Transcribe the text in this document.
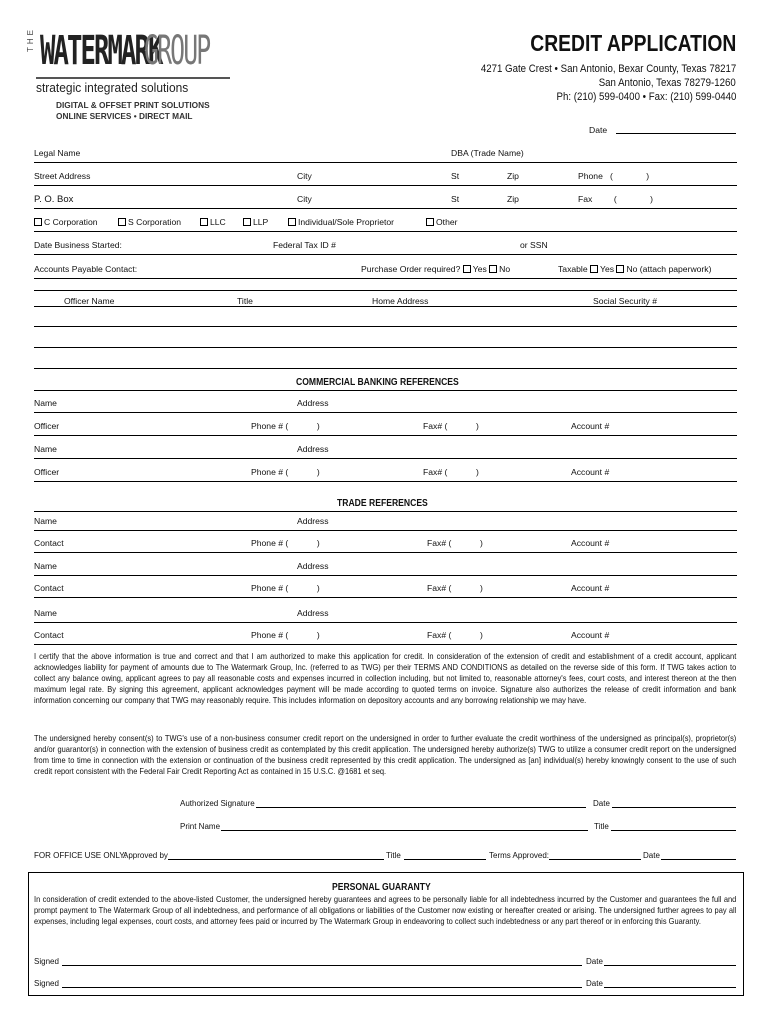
THE WATERMARK
GROUP
strategic integrated solutions
DIGITAL & OFFSET PRINT SOLUTIONS
ONLINE SERVICES • DIRECT MAIL
CREDIT APPLICATION
4271 Gate Crest • San Antonio, Bexar County, Texas 78217
San Antonio, Texas 78279-1260
Ph: (210) 599-0400 • Fax: (210) 599-0440
Date
Legal Name	DBA (Trade Name)
Street Address	City	St	Zip	Phone   (              )
P. O. Box	City	St	Zip	Fax         (              )
C Corporation	S Corporation	LLC	LLP	Individual/Sole Proprietor	Other
Date Business Started:	Federal Tax ID #	or SSN
Accounts Payable Contact:	Purchase Order required? Yes No	Taxable Yes No (attach paperwork)
Officer Name	Title	Home Address	Social Security #
COMMERCIAL BANKING REFERENCES
Name	Address
Officer	Phone # (            )	Fax# (            )	Account #
Name	Address
Officer	Phone # (            )	Fax# (            )	Account #
TRADE REFERENCES
Name	Address
Contact	Phone # (            )	Fax# (            )	Account #
Name	Address
Contact	Phone # (            )	Fax# (            )	Account #
Name	Address
Contact	Phone # (            )	Fax# (            )	Account #
I certify that the above information is true and correct and that I am authorized to make this application for credit. In consideration of the extension of credit and establishment of a credit account, applicant acknowledges liability for payment of amounts due to The Watermark Group, Inc. (referred to as TWG) per their TERMS AND CONDITIONS as detailed on the reverse side of this form. If TWG takes action to collect any balance owing, applicant agrees to pay all reasonable costs and expenses incurred in collection including, but not limited to, reasonable attorney's fees, court costs, and interest thereon at the then maximum legal rate. By signing this agreement, applicant acknowledges payment will be made according to quoted terms on invoice. Signature also authorizes the release of credit information and bank information concerning our company that TWG may reasonably require. This includes information on depository accounts and any borrowing relationship we may have.
The undersigned hereby consent(s) to TWG's use of a non-business consumer credit report on the undersigned in order to further evaluate the credit worthiness of the undersigned as principal(s), proprietor(s) and/or guarantor(s) in connection with the extension of business credit as contemplated by this credit application. The undersigned hereby authorize(s) TWG to utilize a consumer credit report on the undersigned from time to time in connection with the extension or continuation of the business credit represented by this credit application. The undersigned as [an] individual(s) hereby knowingly consent to the use of such credit report consistent with the Federal Fair Credit Reporting Act as contained in 15 U.S.C. @1681 et seq.
Authorized Signature	Date
Print Name	Title
FOR OFFICE USE ONLY:
Approved by	Title	Terms Approved:	Date
PERSONAL GUARANTY
In consideration of credit extended to the above-listed Customer, the undersigned hereby guarantees and agrees to be personally liable for all indebtedness incurred by the Customer and guarantees the full and prompt payment to The Watermark Group of all indebtedness, and performance of all obligations or liabilities of the Customer now existing or hereafter created or arising. The undersigned further agrees to pay all expenses, including legal expenses, court costs, and attorney fees paid or incurred by The Watermark Group in endeavoring to collect such indebtedness or any part thereof or in enforcing this Guaranty.
Signed	Date
Signed	Date
